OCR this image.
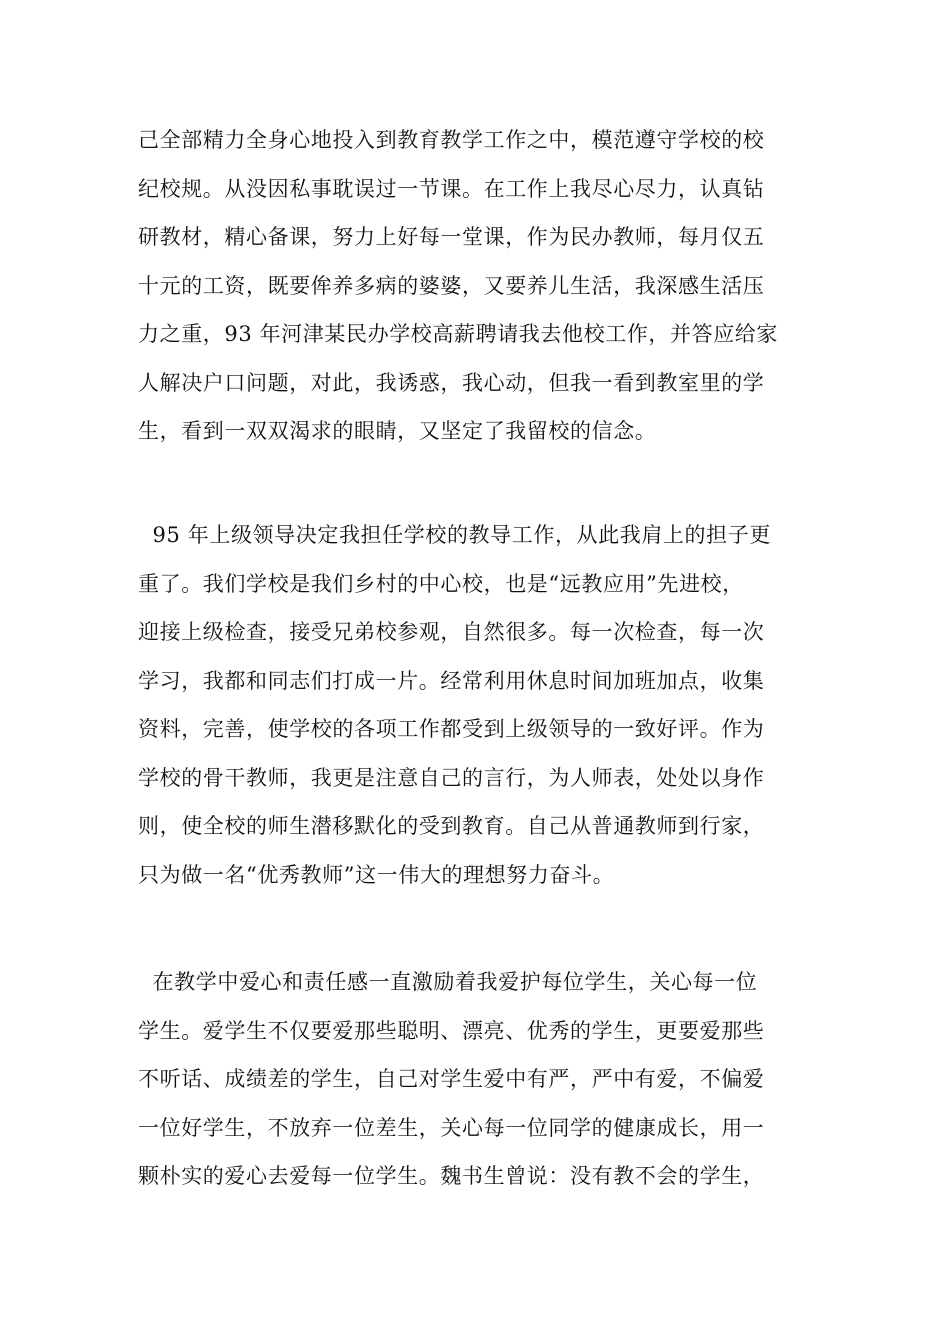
己全部精力全身心地投入到教育教学工作之中，模范遵守学校的校
纪校规。从没因私事耽误过一节课。在工作上我尽心尽力，认真钻
研教材，精心备课，努力上好每一堂课，作为民办教师，每月仅五
十元的工资，既要侔养多病的婆婆，又要养儿生活，我深感生活压
力之重，93 年河津某民办学校高薪聘请我去他校工作，并答应给家
人解决户口问题，对此，我诱惑，我心动，但我一看到教室里的学
生，看到一双双渴求的眼睛，又坚定了我留校的信念。
95 年上级领导决定我担任学校的教导工作，从此我肩上的担子更
重了。我们学校是我们乡村的中心校，也是“远教应用”先进校，
迎接上级检查，接受兄弟校参观，自然很多。每一次检查，每一次
学习，我都和同志们打成一片。经常利用休息时间加班加点，收集
资料，完善，使学校的各项工作都受到上级领导的一致好评。作为
学校的骨干教师，我更是注意自己的言行，为人师表，处处以身作
则，使全校的师生潜移默化的受到教育。自己从普通教师到行家，
只为做一名“优秀教师”这一伟大的理想努力奋斗。
在教学中爱心和责任感一直激励着我爱护每位学生，关心每一位
学生。爱学生不仅要爱那些聪明、漂亮、优秀的学生，更要爱那些
不听话、成绩差的学生，自己对学生爱中有严，严中有爱，不偏爱
一位好学生，不放弃一位差生，关心每一位同学的健康成长，用一
颗朴实的爱心去爱每一位学生。魏书生曾说：没有教不会的学生，
